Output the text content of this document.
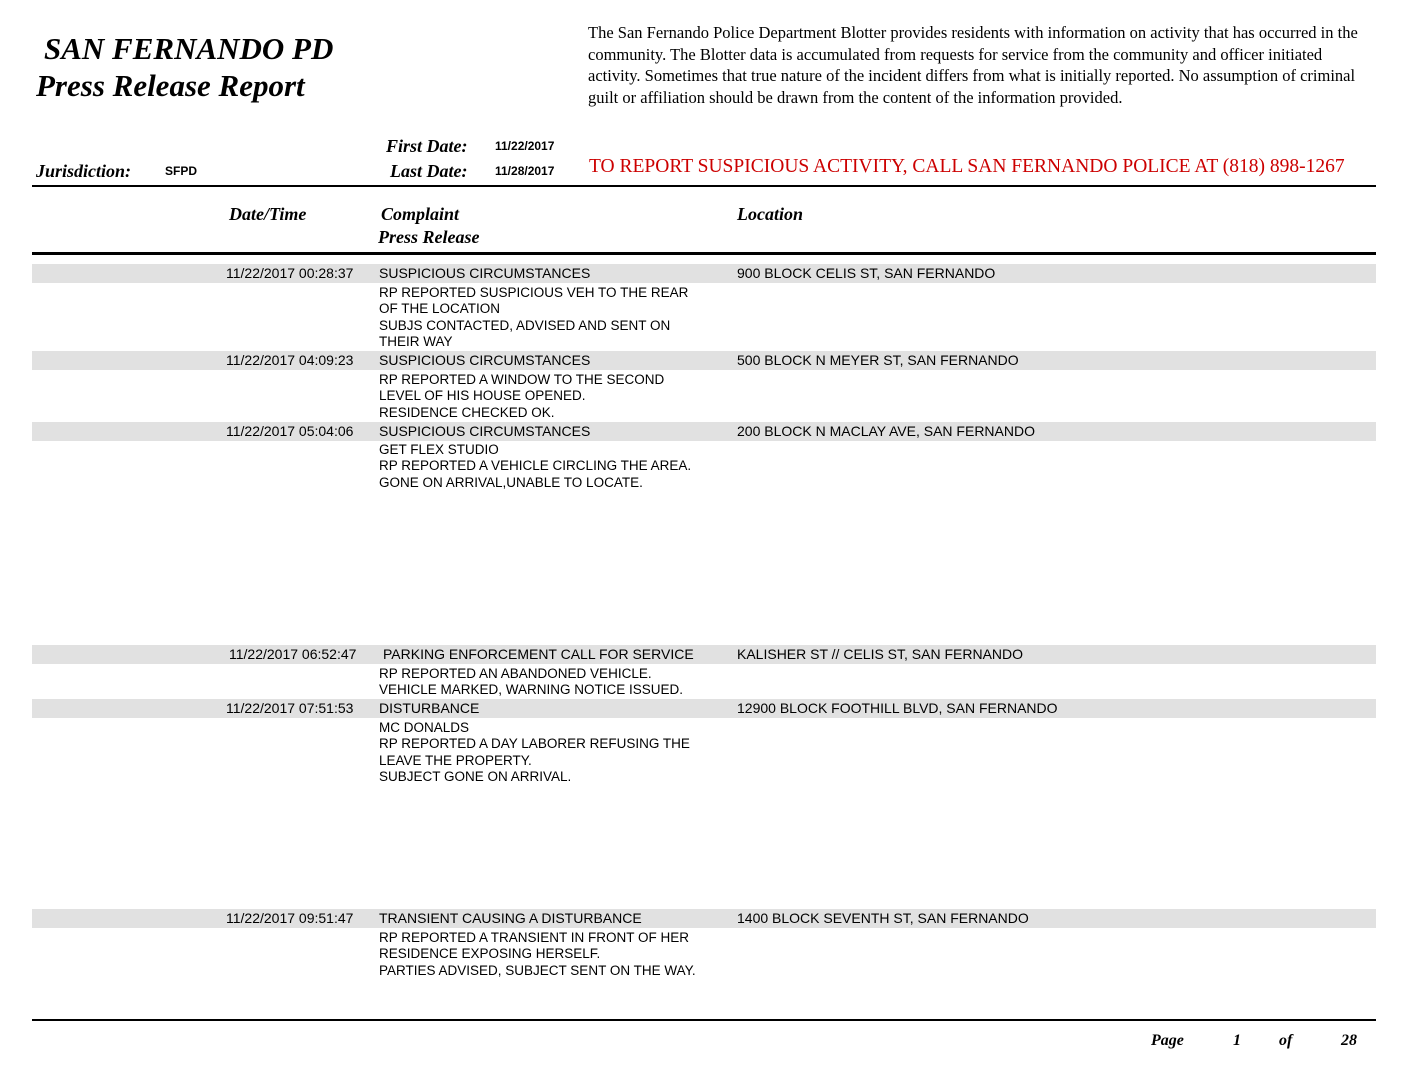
SAN FERNANDO PD
Press Release Report
The San Fernando Police Department Blotter provides residents with information on activity that has occurred in the community. The Blotter data is accumulated from requests for service from the community and officer initiated activity. Sometimes that true nature of the incident differs from what is initially reported. No assumption of criminal guilt or affiliation should be drawn from the content of the information provided.
First Date: 11/22/2017
Jurisdiction:	SFPD	Last Date: 11/28/2017 TO REPORT SUSPICIOUS ACTIVITY, CALL SAN FERNANDO POLICE AT (818) 898-1267
Date/Time	Complaint
Press Release
Location
11/22/2017 00:28:37 SUSPICIOUS CIRCUMSTANCES	900 BLOCK CELIS ST, SAN FERNANDO
RP REPORTED SUSPICIOUS VEH TO THE REAR
OF THE LOCATION
SUBJS CONTACTED, ADVISED AND SENT ON
THEIR WAY
11/22/2017 04:09:23 SUSPICIOUS CIRCUMSTANCES	500 BLOCK N MEYER ST, SAN FERNANDO
RP REPORTED A WINDOW TO THE SECOND
LEVEL OF HIS HOUSE OPENED.
RESIDENCE CHECKED OK.
11/22/2017 05:04:06 SUSPICIOUS CIRCUMSTANCES	200 BLOCK N MACLAY AVE, SAN FERNANDO
GET FLEX STUDIO
RP REPORTED A VEHICLE CIRCLING THE AREA.
GONE ON ARRIVAL,UNABLE TO LOCATE.
11/22/2017 06:52:47 PARKING ENFORCEMENT CALL FOR SERVICE	KALISHER ST // CELIS ST, SAN FERNANDO
RP REPORTED AN ABANDONED VEHICLE.
VEHICLE MARKED, WARNING NOTICE ISSUED.
11/22/2017 07:51:53 DISTURBANCE	12900 BLOCK FOOTHILL BLVD, SAN FERNANDO
MC DONALDS
RP REPORTED A DAY LABORER REFUSING THE
LEAVE THE PROPERTY.
SUBJECT GONE ON ARRIVAL.
11/22/2017 09:51:47 TRANSIENT CAUSING A DISTURBANCE	1400 BLOCK SEVENTH ST, SAN FERNANDO
RP REPORTED A TRANSIENT IN FRONT OF HER
RESIDENCE EXPOSING HERSELF.
PARTIES ADVISED, SUBJECT SENT ON THE WAY.
Page	1 of	28
